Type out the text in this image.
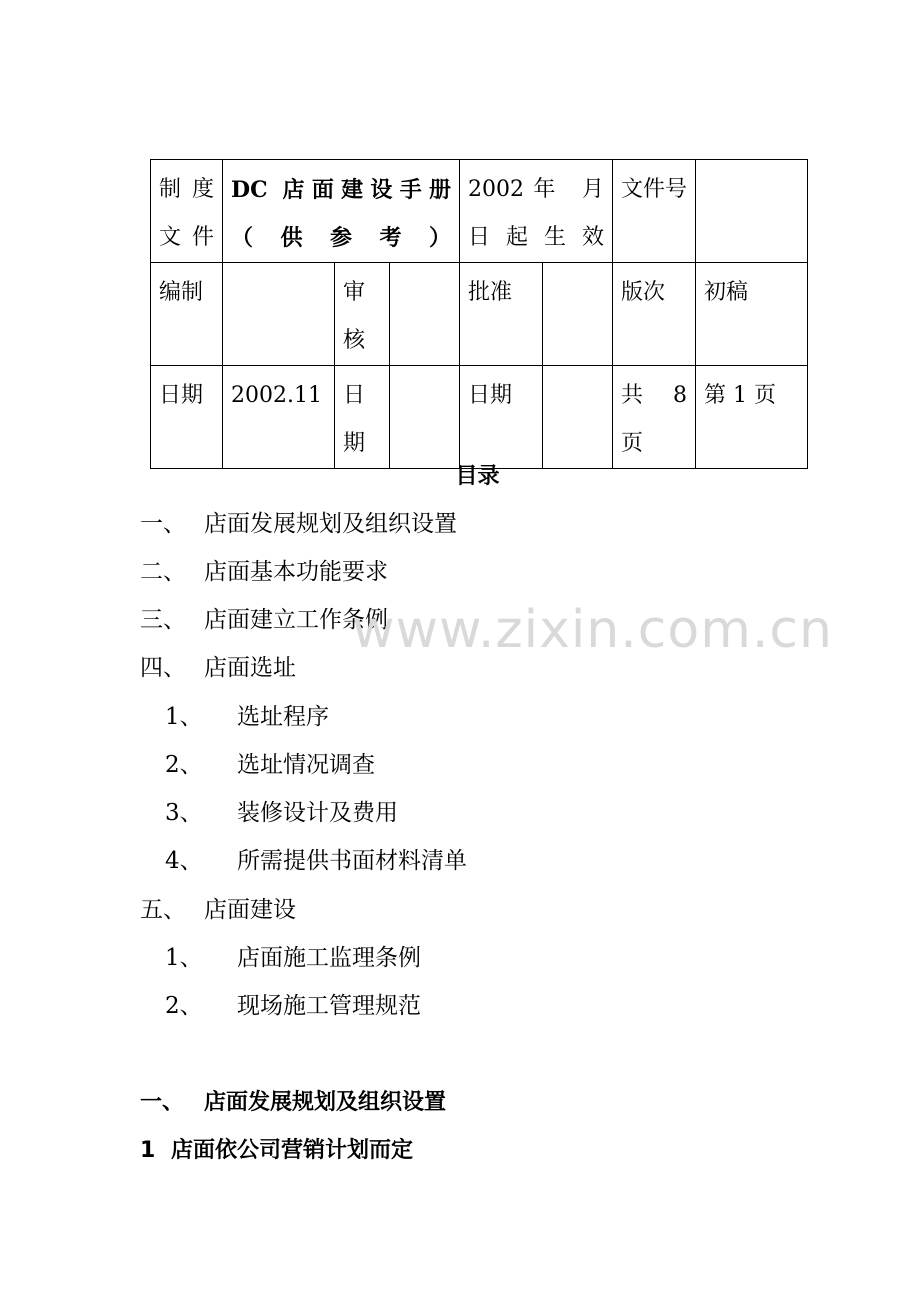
制度文件	DC 店面建设手册（供参考）			2002 年　月日起生效		文件号	
编制		审核		批准		版次	初稿
日期	2002.11	日期		日期		共　 8 页	第 1 页
目录
一、 店面发展规划及组织设置
二、 店面基本功能要求
三、 店面建立工作条例
四、 店面选址
1、 选址程序
2、 选址情况调查
3、 装修设计及费用
4、 所需提供书面材料清单
五、 店面建设
1、 店面施工监理条例
2、 现场施工管理规范
一、 店面发展规划及组织设置
1 店面依公司营销计划而定
www.zixin.com.cn
